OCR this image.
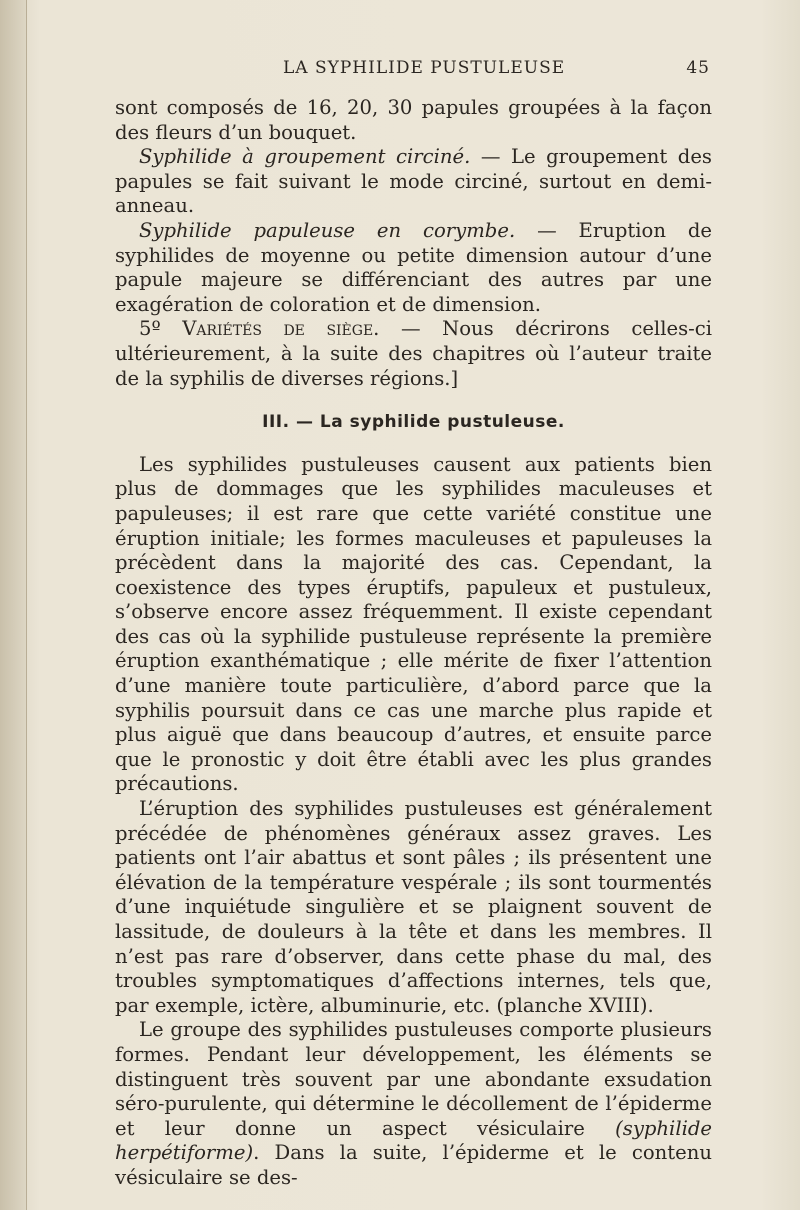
LA SYPHILIDE PUSTULEUSE	45

sont composés de 16, 20, 30 papules groupées à la façon des fleurs d’un bouquet.

Syphilide à groupement circiné. — Le groupement des papules se fait suivant le mode circiné, surtout en demi-anneau.

Syphilide papuleuse en corymbe. — Eruption de syphilides de moyenne ou petite dimension autour d’une papule majeure se différenciant des autres par une exagération de coloration et de dimension.

5º Variétés de siège. — Nous décrirons celles-ci ultérieurement, à la suite des chapitres où l’auteur traite de la syphilis de diverses régions.]

III. — La syphilide pustuleuse.

Les syphilides pustuleuses causent aux patients bien plus de dommages que les syphilides maculeuses et papuleuses; il est rare que cette variété constitue une éruption initiale; les formes maculeuses et papuleuses la précèdent dans la majorité des cas. Cependant, la coexistence des types éruptifs, papuleux et pustuleux, s’observe encore assez fréquemment. Il existe cependant des cas où la syphilide pustuleuse représente la première éruption exanthématique ; elle mérite de fixer l’attention d’une manière toute particulière, d’abord parce que la syphilis poursuit dans ce cas une marche plus rapide et plus aiguë que dans beaucoup d’autres, et ensuite parce que le pronostic y doit être établi avec les plus grandes précautions.

L’éruption des syphilides pustuleuses est généralement précédée de phénomènes généraux assez graves. Les patients ont l’air abattus et sont pâles ; ils présentent une élévation de la température vespérale ; ils sont tourmentés d’une inquiétude singulière et se plaignent souvent de lassitude, de douleurs à la tête et dans les membres. Il n’est pas rare d’observer, dans cette phase du mal, des troubles symptomatiques d’affections internes, tels que, par exemple, ictère, albuminurie, etc. (planche XVIII).

Le groupe des syphilides pustuleuses comporte plusieurs formes. Pendant leur développement, les éléments se distinguent très souvent par une abondante exsudation séro-purulente, qui détermine le décollement de l’épiderme et leur donne un aspect vésiculaire (syphilide herpétiforme). Dans la suite, l’épiderme et le contenu vésiculaire se des-
